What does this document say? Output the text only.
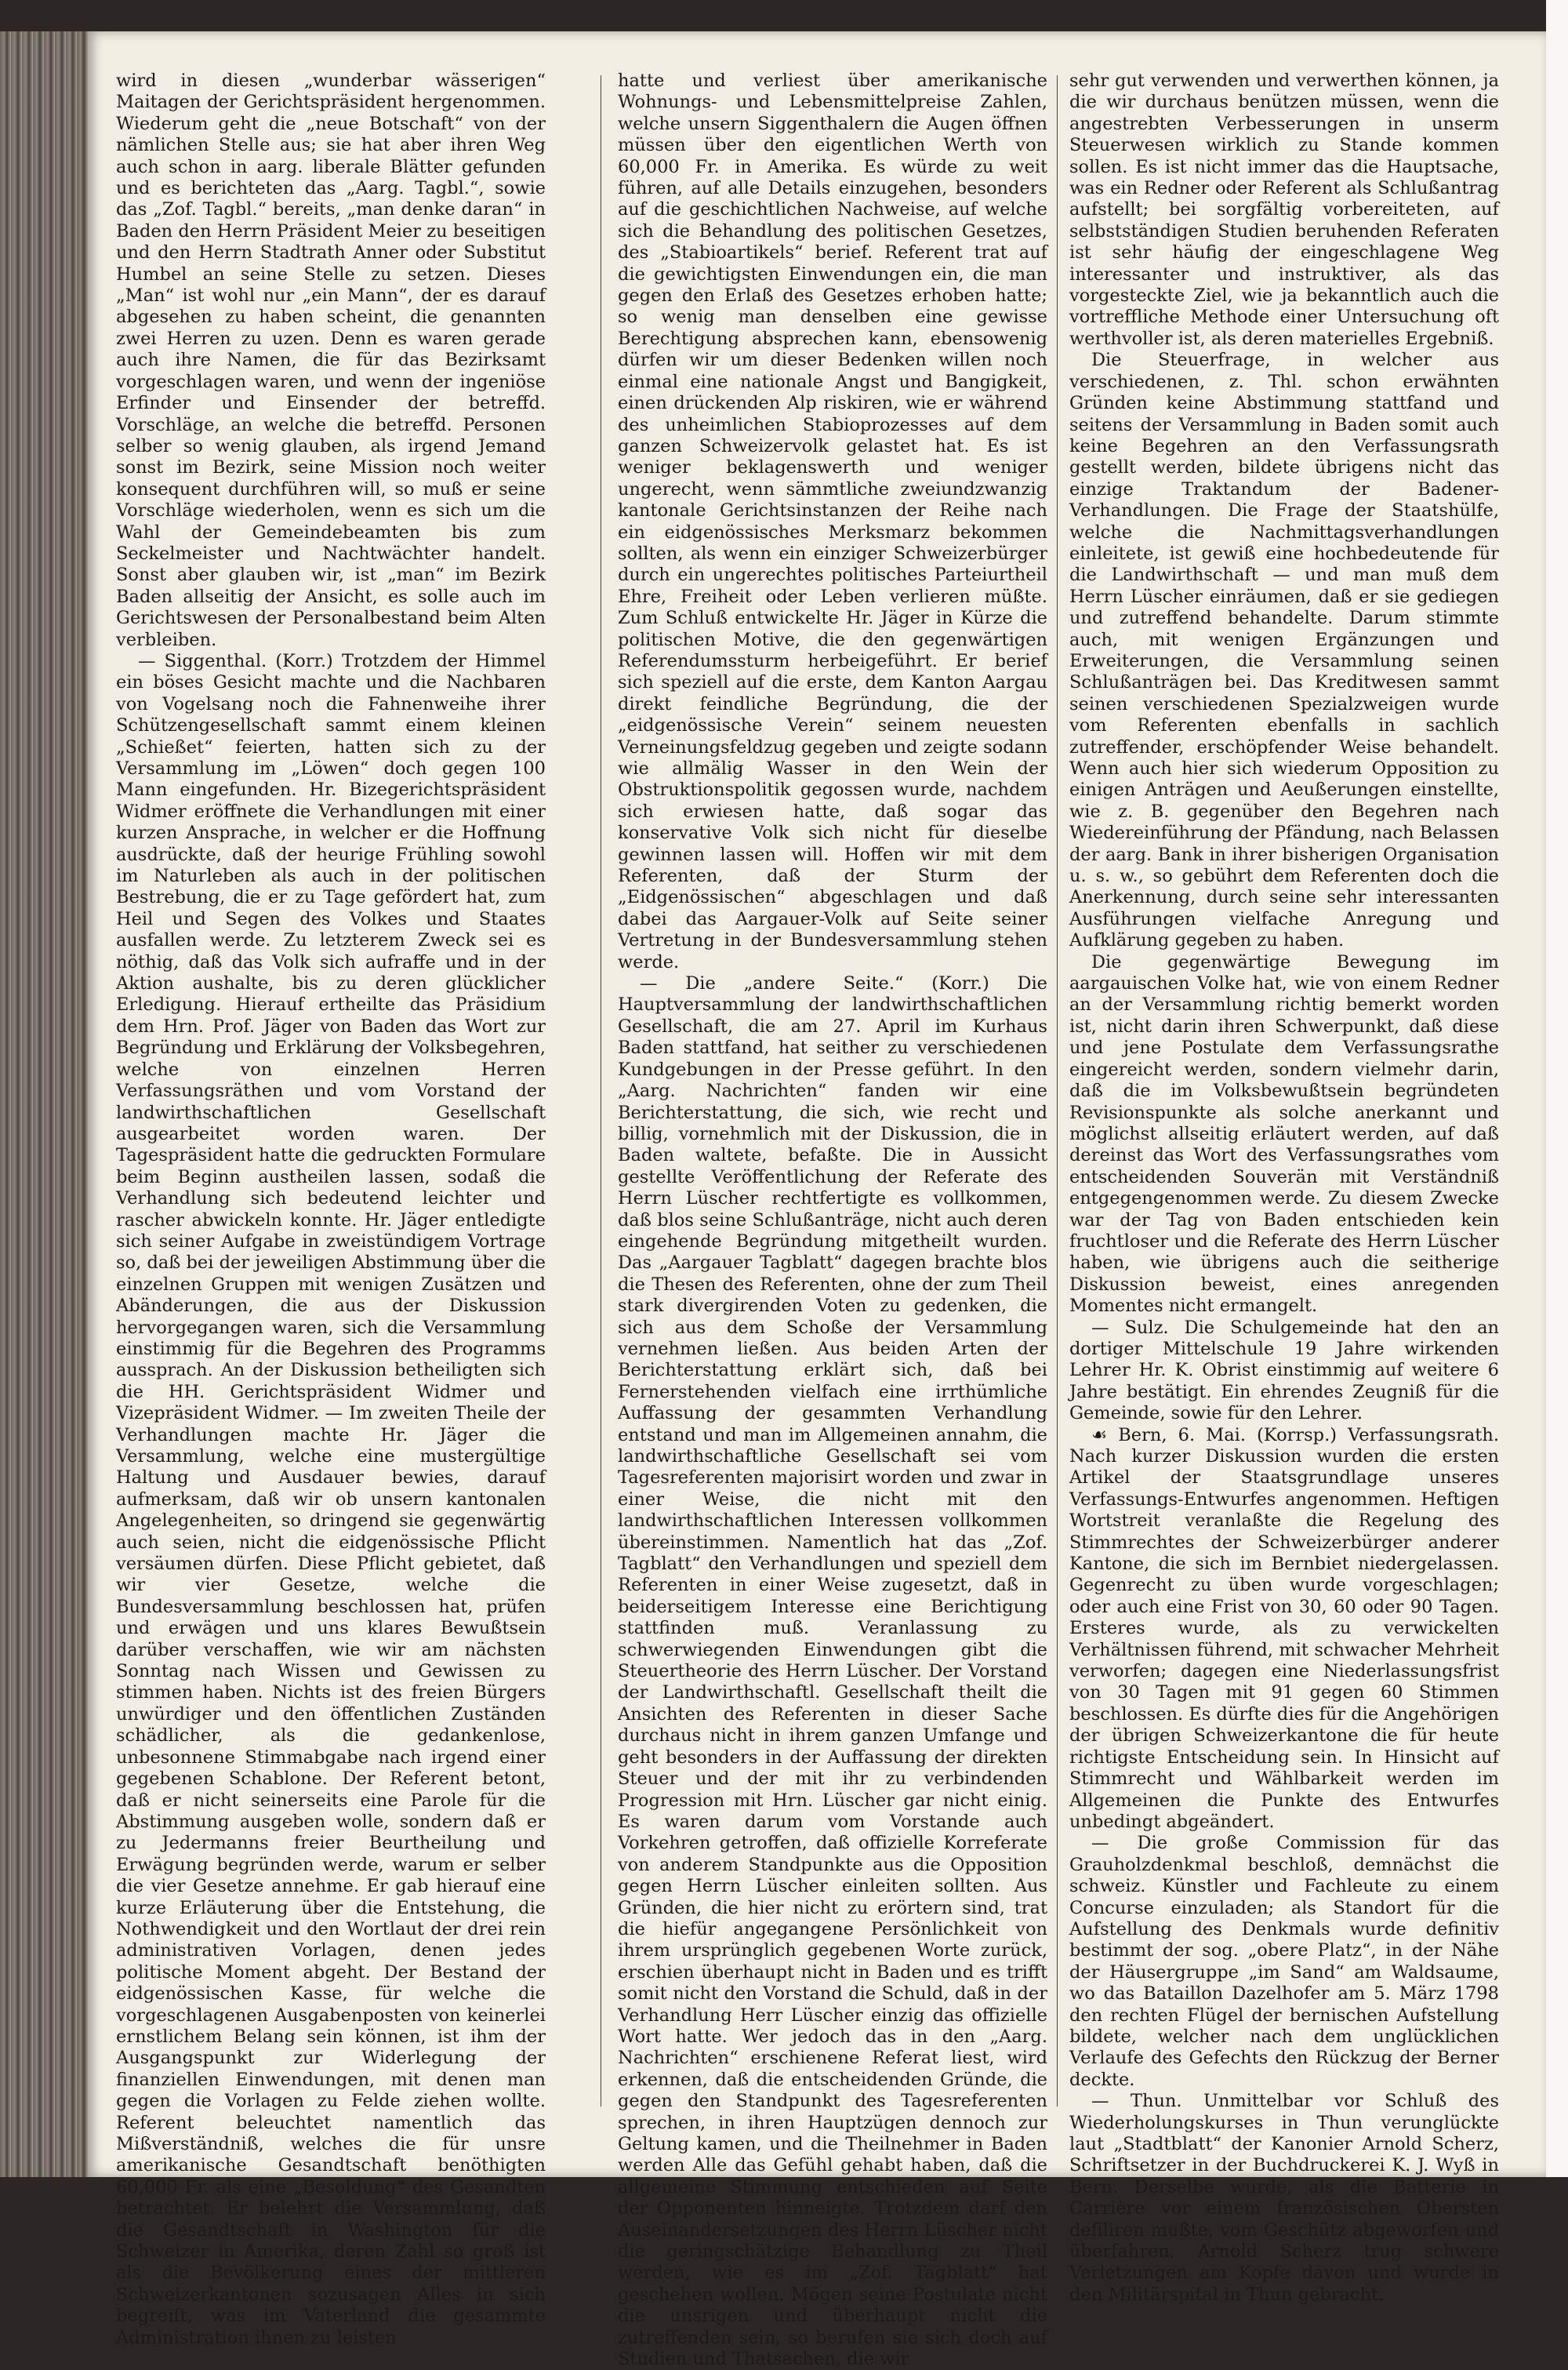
wird in diesen „wunderbar wässerigen“ Maitagen der Gerichtspräsident hergenommen. Wiederum geht die „neue Botschaft“ von der nämlichen Stelle aus; sie hat aber ihren Weg auch schon in aarg. liberale Blätter gefunden und es berichteten das „Aarg. Tagbl.“, sowie das „Zof. Tagbl.“ bereits, „man denke daran“ in Baden den Herrn Präsident Meier zu beseitigen und den Herrn Stadtrath Anner oder Substitut Humbel an seine Stelle zu setzen. Dieses „Man“ ist wohl nur „ein Mann“, der es darauf abgesehen zu haben scheint, die genannten zwei Herren zu uzen. Denn es waren gerade auch ihre Namen, die für das Bezirksamt vorgeschlagen waren, und wenn der ingeniöse Erfinder und Einsender der betreffd. Vorschläge, an welche die betreffd. Personen selber so wenig glauben, als irgend Jemand sonst im Bezirk, seine Mission noch weiter konsequent durchführen will, so muß er seine Vorschläge wiederholen, wenn es sich um die Wahl der Gemeindebeamten bis zum Seckelmeister und Nachtwächter handelt. Sonst aber glauben wir, ist „man“ im Bezirk Baden allseitig der Ansicht, es solle auch im Gerichtswesen der Personalbestand beim Alten verbleiben.

— Siggenthal. (Korr.) Trotzdem der Himmel ein böses Gesicht machte und die Nachbaren von Vogelsang noch die Fahnenweihe ihrer Schützengesellschaft sammt einem kleinen „Schießet“ feierten, hatten sich zu der Versammlung im „Löwen“ doch gegen 100 Mann eingefunden. Hr. Bizegerichtspräsident Widmer eröffnete die Verhandlungen mit einer kurzen Ansprache, in welcher er die Hoffnung ausdrückte, daß der heurige Frühling sowohl im Naturleben als auch in der politischen Bestrebung, die er zu Tage gefördert hat, zum Heil und Segen des Volkes und Staates ausfallen werde. Zu letzterem Zweck sei es nöthig, daß das Volk sich aufraffe und in der Aktion aushalte, bis zu deren glücklicher Erledigung. Hierauf ertheilte das Präsidium dem Hrn. Prof. Jäger von Baden das Wort zur Begründung und Erklärung der Volksbegehren, welche von einzelnen Herren Verfassungsräthen und vom Vorstand der landwirthschaftlichen Gesellschaft ausgearbeitet worden waren. Der Tagespräsident hatte die gedruckten Formulare beim Beginn austheilen lassen, sodaß die Verhandlung sich bedeutend leichter und rascher abwickeln konnte. Hr. Jäger entledigte sich seiner Aufgabe in zweistündigem Vortrage so, daß bei der jeweiligen Abstimmung über die einzelnen Gruppen mit wenigen Zusätzen und Abänderungen, die aus der Diskussion hervorgegangen waren, sich die Versammlung einstimmig für die Begehren des Programms aussprach. An der Diskussion betheiligten sich die HH. Gerichtspräsident Widmer und Vizepräsident Widmer. — Im zweiten Theile der Verhandlungen machte Hr. Jäger die Versammlung, welche eine mustergültige Haltung und Ausdauer bewies, darauf aufmerksam, daß wir ob unsern kantonalen Angelegenheiten, so dringend sie gegenwärtig auch seien, nicht die eidgenössische Pflicht versäumen dürfen. Diese Pflicht gebietet, daß wir vier Gesetze, welche die Bundesversammlung beschlossen hat, prüfen und erwägen und uns klares Bewußtsein darüber verschaffen, wie wir am nächsten Sonntag nach Wissen und Gewissen zu stimmen haben. Nichts ist des freien Bürgers unwürdiger und den öffentlichen Zuständen schädlicher, als die gedankenlose, unbesonnene Stimmabgabe nach irgend einer gegebenen Schablone. Der Referent betont, daß er nicht seinerseits eine Parole für die Abstimmung ausgeben wolle, sondern daß er zu Jedermanns freier Beurtheilung und Erwägung begründen werde, warum er selber die vier Gesetze annehme. Er gab hierauf eine kurze Erläuterung über die Entstehung, die Nothwendigkeit und den Wortlaut der drei rein administrativen Vorlagen, denen jedes politische Moment abgeht. Der Bestand der eidgenössischen Kasse, für welche die vorgeschlagenen Ausgabenposten von keinerlei ernstlichem Belang sein können, ist ihm der Ausgangspunkt zur Widerlegung der finanziellen Einwendungen, mit denen man gegen die Vorlagen zu Felde ziehen wollte. Referent beleuchtet namentlich das Mißverständniß, welches die für unsre amerikanische Gesandtschaft benöthigten 60,000 Fr. als eine „Besoldung“ des Gesandten betrachtet. Er belehrt die Versammlung, daß die Gesandtschaft in Washington für die Schweizer in Amerika, deren Zahl so groß ist als die Bevölkerung eines der mittleren Schweizerkantonen sozusagen Alles in sich begreift, was im Vaterland die gesammte Administration ihnen zu leisten

hatte und verliest über amerikanische Wohnungs- und Lebensmittelpreise Zahlen, welche unsern Siggenthalern die Augen öffnen müssen über den eigentlichen Werth von 60,000 Fr. in Amerika. Es würde zu weit führen, auf alle Details einzugehen, besonders auf die geschichtlichen Nachweise, auf welche sich die Behandlung des politischen Gesetzes, des „Stabioartikels“ berief. Referent trat auf die gewichtigsten Einwendungen ein, die man gegen den Erlaß des Gesetzes erhoben hatte; so wenig man denselben eine gewisse Berechtigung absprechen kann, ebensowenig dürfen wir um dieser Bedenken willen noch einmal eine nationale Angst und Bangigkeit, einen drückenden Alp riskiren, wie er während des unheimlichen Stabioprozesses auf dem ganzen Schweizervolk gelastet hat. Es ist weniger beklagenswerth und weniger ungerecht, wenn sämmtliche zweiundzwanzig kantonale Gerichtsinstanzen der Reihe nach ein eidgenössisches Merksmarz bekommen sollten, als wenn ein einziger Schweizerbürger durch ein ungerechtes politisches Parteiurtheil Ehre, Freiheit oder Leben verlieren müßte. Zum Schluß entwickelte Hr. Jäger in Kürze die politischen Motive, die den gegenwärtigen Referendumssturm herbeigeführt. Er berief sich speziell auf die erste, dem Kanton Aargau direkt feindliche Begründung, die der „eidgenössische Verein“ seinem neuesten Verneinungsfeldzug gegeben und zeigte sodann wie allmälig Wasser in den Wein der Obstruktionspolitik gegossen wurde, nachdem sich erwiesen hatte, daß sogar das konservative Volk sich nicht für dieselbe gewinnen lassen will. Hoffen wir mit dem Referenten, daß der Sturm der „Eidgenössischen“ abgeschlagen und daß dabei das Aargauer-Volk auf Seite seiner Vertretung in der Bundesversammlung stehen werde.

— Die „andere Seite.“ (Korr.) Die Hauptversammlung der landwirthschaftlichen Gesellschaft, die am 27. April im Kurhaus Baden stattfand, hat seither zu verschiedenen Kundgebungen in der Presse geführt. In den „Aarg. Nachrichten“ fanden wir eine Berichterstattung, die sich, wie recht und billig, vornehmlich mit der Diskussion, die in Baden waltete, befaßte. Die in Aussicht gestellte Veröffentlichung der Referate des Herrn Lüscher rechtfertigte es vollkommen, daß blos seine Schlußanträge, nicht auch deren eingehende Begründung mitgetheilt wurden. Das „Aargauer Tagblatt“ dagegen brachte blos die Thesen des Referenten, ohne der zum Theil stark divergirenden Voten zu gedenken, die sich aus dem Schoße der Versammlung vernehmen ließen. Aus beiden Arten der Berichterstattung erklärt sich, daß bei Fernerstehenden vielfach eine irrthümliche Auffassung der gesammten Verhandlung entstand und man im Allgemeinen annahm, die landwirthschaftliche Gesellschaft sei vom Tagesreferenten majorisirt worden und zwar in einer Weise, die nicht mit den landwirthschaftlichen Interessen vollkommen übereinstimmen. Namentlich hat das „Zof. Tagblatt“ den Verhandlungen und speziell dem Referenten in einer Weise zugesetzt, daß in beiderseitigem Interesse eine Berichtigung stattfinden muß. Veranlassung zu schwerwiegenden Einwendungen gibt die Steuertheorie des Herrn Lüscher. Der Vorstand der Landwirthschaftl. Gesellschaft theilt die Ansichten des Referenten in dieser Sache durchaus nicht in ihrem ganzen Umfange und geht besonders in der Auffassung der direkten Steuer und der mit ihr zu verbindenden Progression mit Hrn. Lüscher gar nicht einig. Es waren darum vom Vorstande auch Vorkehren getroffen, daß offizielle Korreferate von anderem Standpunkte aus die Opposition gegen Herrn Lüscher einleiten sollten. Aus Gründen, die hier nicht zu erörtern sind, trat die hiefür angegangene Persönlichkeit von ihrem ursprünglich gegebenen Worte zurück, erschien überhaupt nicht in Baden und es trifft somit nicht den Vorstand die Schuld, daß in der Verhandlung Herr Lüscher einzig das offizielle Wort hatte. Wer jedoch das in den „Aarg. Nachrichten“ erschienene Referat liest, wird erkennen, daß die entscheidenden Gründe, die gegen den Standpunkt des Tagesreferenten sprechen, in ihren Hauptzügen dennoch zur Geltung kamen, und die Theilnehmer in Baden werden Alle das Gefühl gehabt haben, daß die allgemeine Stimmung entschieden auf Seite der Opponenten hinneigte. Trotzdem darf den Auseinandersetzungen des Herrn Lüscher nicht die geringschätzige Behandlung zu Theil werden, wie es im „Zof. Tagblatt“ hat geschehen wollen. Mögen seine Postulate nicht die unsrigen und überhaupt nicht die zutreffenden sein, so berufen sie sich doch auf Studien und Thatsachen, die wir

sehr gut verwenden und verwerthen können, ja die wir durchaus benützen müssen, wenn die angestrebten Verbesserungen in unserm Steuerwesen wirklich zu Stande kommen sollen. Es ist nicht immer das die Hauptsache, was ein Redner oder Referent als Schlußantrag aufstellt; bei sorgfältig vorbereiteten, auf selbstständigen Studien beruhenden Referaten ist sehr häufig der eingeschlagene Weg interessanter und instruktiver, als das vorgesteckte Ziel, wie ja bekanntlich auch die vortreffliche Methode einer Untersuchung oft werthvoller ist, als deren materielles Ergebniß.

Die Steuerfrage, in welcher aus verschiedenen, z. Thl. schon erwähnten Gründen keine Abstimmung stattfand und seitens der Versammlung in Baden somit auch keine Begehren an den Verfassungsrath gestellt werden, bildete übrigens nicht das einzige Traktandum der Badener-Verhandlungen. Die Frage der Staatshülfe, welche die Nachmittagsverhandlungen einleitete, ist gewiß eine hochbedeutende für die Landwirthschaft — und man muß dem Herrn Lüscher einräumen, daß er sie gediegen und zutreffend behandelte. Darum stimmte auch, mit wenigen Ergänzungen und Erweiterungen, die Versammlung seinen Schlußanträgen bei. Das Kreditwesen sammt seinen verschiedenen Spezialzweigen wurde vom Referenten ebenfalls in sachlich zutreffender, erschöpfender Weise behandelt. Wenn auch hier sich wiederum Opposition zu einigen Anträgen und Aeußerungen einstellte, wie z. B. gegenüber den Begehren nach Wiedereinführung der Pfändung, nach Belassen der aarg. Bank in ihrer bisherigen Organisation u. s. w., so gebührt dem Referenten doch die Anerkennung, durch seine sehr interessanten Ausführungen vielfache Anregung und Aufklärung gegeben zu haben.

Die gegenwärtige Bewegung im aargauischen Volke hat, wie von einem Redner an der Versammlung richtig bemerkt worden ist, nicht darin ihren Schwerpunkt, daß diese und jene Postulate dem Verfassungsrathe eingereicht werden, sondern vielmehr darin, daß die im Volksbewußtsein begründeten Revisionspunkte als solche anerkannt und möglichst allseitig erläutert werden, auf daß dereinst das Wort des Verfassungsrathes vom entscheidenden Souverän mit Verständniß entgegengenommen werde. Zu diesem Zwecke war der Tag von Baden entschieden kein fruchtloser und die Referate des Herrn Lüscher haben, wie übrigens auch die seitherige Diskussion beweist, eines anregenden Momentes nicht ermangelt.

— Sulz. Die Schulgemeinde hat den an dortiger Mittelschule 19 Jahre wirkenden Lehrer Hr. K. Obrist einstimmig auf weitere 6 Jahre bestätigt. Ein ehrendes Zeugniß für die Gemeinde, sowie für den Lehrer.

☙ Bern, 6. Mai. (Korrsp.) Verfassungsrath. Nach kurzer Diskussion wurden die ersten Artikel der Staatsgrundlage unseres Verfassungs-Entwurfes angenommen. Heftigen Wortstreit veranlaßte die Regelung des Stimmrechtes der Schweizerbürger anderer Kantone, die sich im Bernbiet niedergelassen. Gegenrecht zu üben wurde vorgeschlagen; oder auch eine Frist von 30, 60 oder 90 Tagen. Ersteres wurde, als zu verwickelten Verhältnissen führend, mit schwacher Mehrheit verworfen; dagegen eine Niederlassungsfrist von 30 Tagen mit 91 gegen 60 Stimmen beschlossen. Es dürfte dies für die Angehörigen der übrigen Schweizerkantone die für heute richtigste Entscheidung sein. In Hinsicht auf Stimmrecht und Wählbarkeit werden im Allgemeinen die Punkte des Entwurfes unbedingt abgeändert.

— Die große Commission für das Grauholzdenkmal beschloß, demnächst die schweiz. Künstler und Fachleute zu einem Concurse einzuladen; als Standort für die Aufstellung des Denkmals wurde definitiv bestimmt der sog. „obere Platz“, in der Nähe der Häusergruppe „im Sand“ am Waldsaume, wo das Bataillon Dazelhofer am 5. März 1798 den rechten Flügel der bernischen Aufstellung bildete, welcher nach dem unglücklichen Verlaufe des Gefechts den Rückzug der Berner deckte.

— Thun. Unmittelbar vor Schluß des Wiederholungskurses in Thun verunglückte laut „Stadtblatt“ der Kanonier Arnold Scherz, Schriftsetzer in der Buchdruckerei K. J. Wyß in Bern. Derselbe wurde, als die Batterie in Carrière vor einem französischen Obersten defiliren mußte, vom Geschütz abgeworfen und überfahren. Arnold Scherz trug schwere Verletzungen am Kopfe davon und wurde in den Militärspital in Thun gebracht.
